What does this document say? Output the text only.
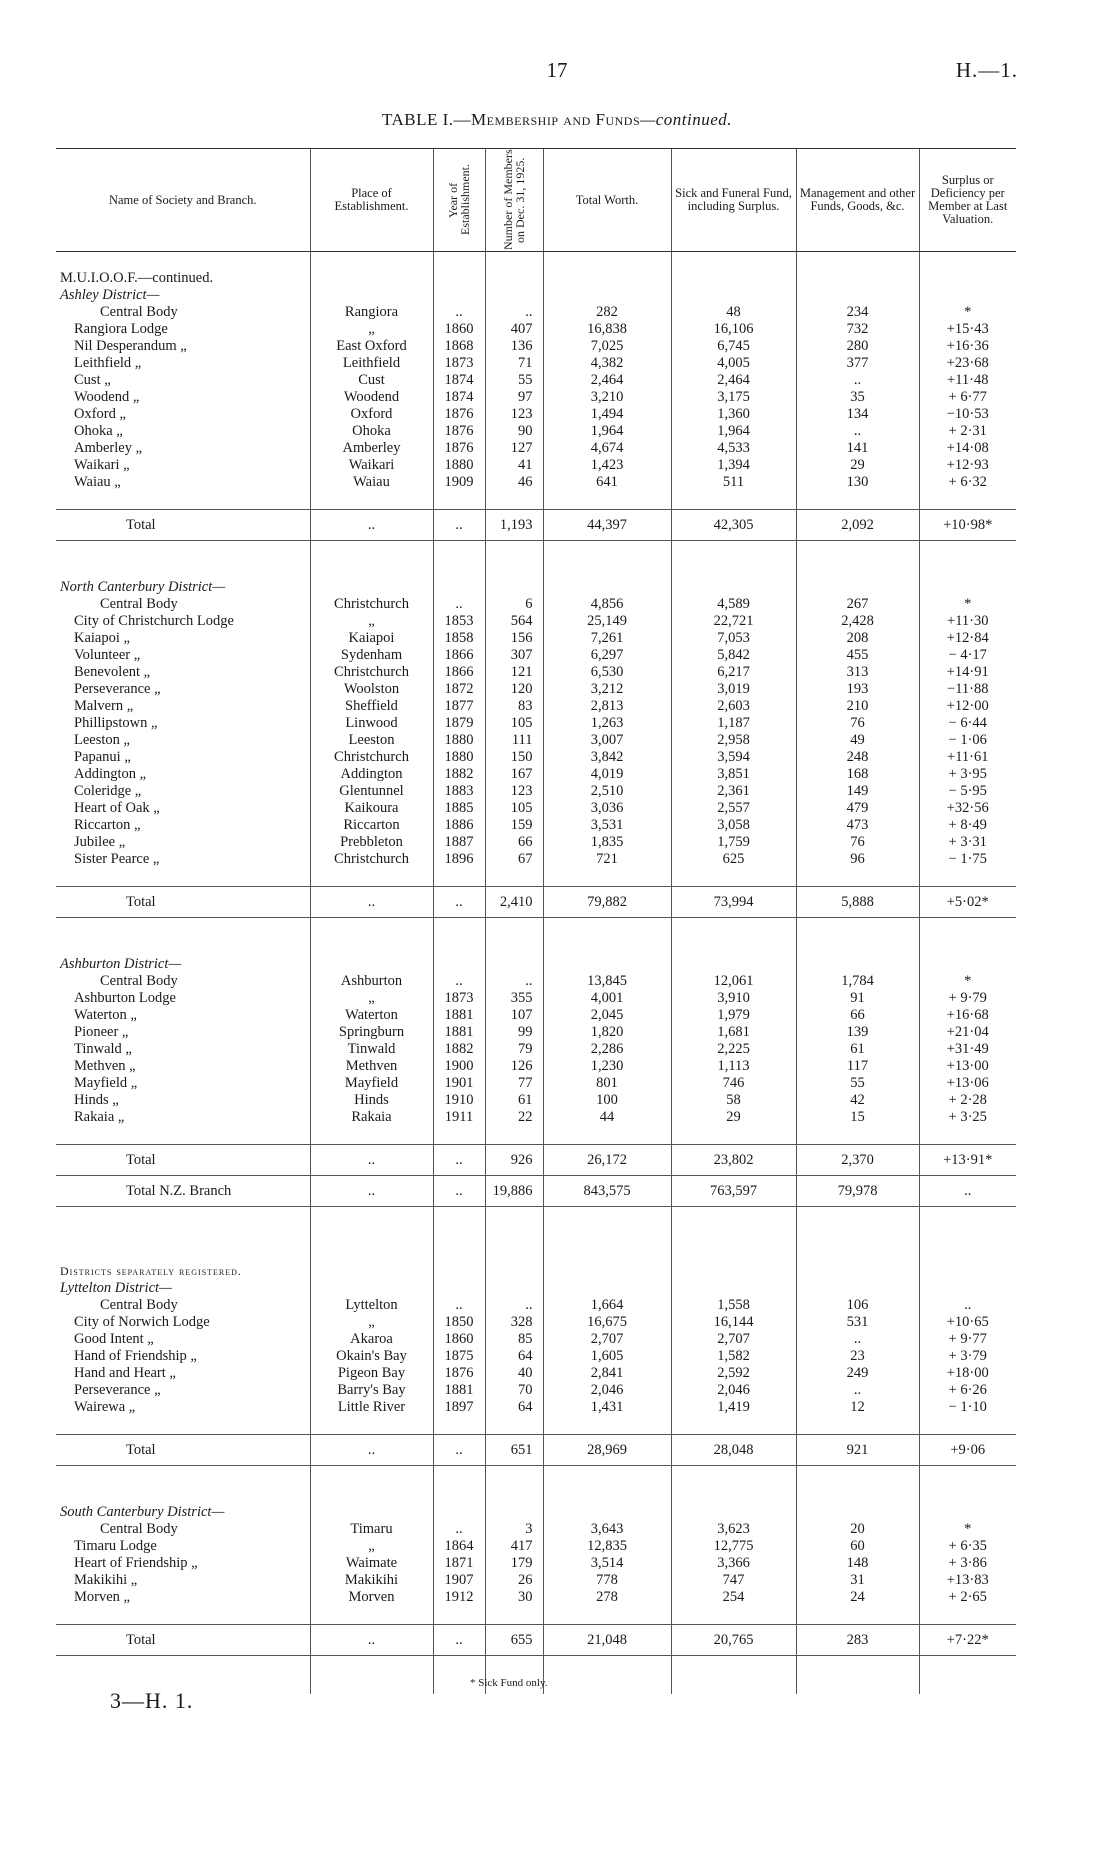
17	H.—1.
TABLE I.—Membership and Funds—continued.
Name of Society and Branch.	Place of Establishment.	Year of Establishment.	Number of Members on Dec. 31, 1925.	Total Worth.	Sick and Funeral Fund, including Surplus.	Management and other Funds, Goods, &c.	Surplus or Deficiency per Member at Last Valuation.

M.U.I.O.O.F.—continued.							
Ashley District—							
Central Body	Rangiora	..	..	282	48	234	*
Rangiora Lodge	„	1860	407	16,838	16,106	732	+15·43
Nil Desperandum „	East Oxford	1868	136	7,025	6,745	280	+16·36
Leithfield „	Leithfield	1873	71	4,382	4,005	377	+23·68
Cust „	Cust	1874	55	2,464	2,464	..	+11·48
Woodend „	Woodend	1874	97	3,210	3,175	35	+ 6·77
Oxford „	Oxford	1876	123	1,494	1,360	134	−10·53
Ohoka „	Ohoka	1876	90	1,964	1,964	..	+ 2·31
Amberley „	Amberley	1876	127	4,674	4,533	141	+14·08
Waikari „	Waikari	1880	41	1,423	1,394	29	+12·93
Waiau „	Waiau	1909	46	641	511	130	+ 6·32

Total	..	..	1,193	44,397	42,305	2,092	+10·98*

North Canterbury District—							
Central Body	Christchurch	..	6	4,856	4,589	267	*
City of Christchurch Lodge	„	1853	564	25,149	22,721	2,428	+11·30
Kaiapoi „	Kaiapoi	1858	156	7,261	7,053	208	+12·84
Volunteer „	Sydenham	1866	307	6,297	5,842	455	− 4·17
Benevolent „	Christchurch	1866	121	6,530	6,217	313	+14·91
Perseverance „	Woolston	1872	120	3,212	3,019	193	−11·88
Malvern „	Sheffield	1877	83	2,813	2,603	210	+12·00
Phillipstown „	Linwood	1879	105	1,263	1,187	76	− 6·44
Leeston „	Leeston	1880	111	3,007	2,958	49	− 1·06
Papanui „	Christchurch	1880	150	3,842	3,594	248	+11·61
Addington „	Addington	1882	167	4,019	3,851	168	+ 3·95
Coleridge „	Glentunnel	1883	123	2,510	2,361	149	− 5·95
Heart of Oak „	Kaikoura	1885	105	3,036	2,557	479	+32·56
Riccarton „	Riccarton	1886	159	3,531	3,058	473	+ 8·49
Jubilee „	Prebbleton	1887	66	1,835	1,759	76	+ 3·31
Sister Pearce „	Christchurch	1896	67	721	625	96	− 1·75

Total	..	..	2,410	79,882	73,994	5,888	+5·02*

Ashburton District—							
Central Body	Ashburton	..	..	13,845	12,061	1,784	*
Ashburton Lodge	„	1873	355	4,001	3,910	91	+ 9·79
Waterton „	Waterton	1881	107	2,045	1,979	66	+16·68
Pioneer „	Springburn	1881	99	1,820	1,681	139	+21·04
Tinwald „	Tinwald	1882	79	2,286	2,225	61	+31·49
Methven „	Methven	1900	126	1,230	1,113	117	+13·00
Mayfield „	Mayfield	1901	77	801	746	55	+13·06
Hinds „	Hinds	1910	61	100	58	42	+ 2·28
Rakaia „	Rakaia	1911	22	44	29	15	+ 3·25

Total	..	..	926	26,172	23,802	2,370	+13·91*
Total N.Z. Branch	..	..	19,886	843,575	763,597	79,978	..

Districts separately registered.							
Lyttelton District—							
Central Body	Lyttelton	..	..	1,664	1,558	106	..
City of Norwich Lodge	„	1850	328	16,675	16,144	531	+10·65
Good Intent „	Akaroa	1860	85	2,707	2,707	..	+ 9·77
Hand of Friendship „	Okain's Bay	1875	64	1,605	1,582	23	+ 3·79
Hand and Heart „	Pigeon Bay	1876	40	2,841	2,592	249	+18·00
Perseverance „	Barry's Bay	1881	70	2,046	2,046	..	+ 6·26
Wairewa „	Little River	1897	64	1,431	1,419	12	− 1·10

Total	..	..	651	28,969	28,048	921	+9·06

South Canterbury District—							
Central Body	Timaru	..	3	3,643	3,623	20	*
Timaru Lodge	„	1864	417	12,835	12,775	60	+ 6·35
Heart of Friendship „	Waimate	1871	179	3,514	3,366	148	+ 3·86
Makikihi „	Makikihi	1907	26	778	747	31	+13·83
Morven „	Morven	1912	30	278	254	24	+ 2·65

Total	..	..	655	21,048	20,765	283	+7·22*

* Sick Fund only.
3—H. 1.
